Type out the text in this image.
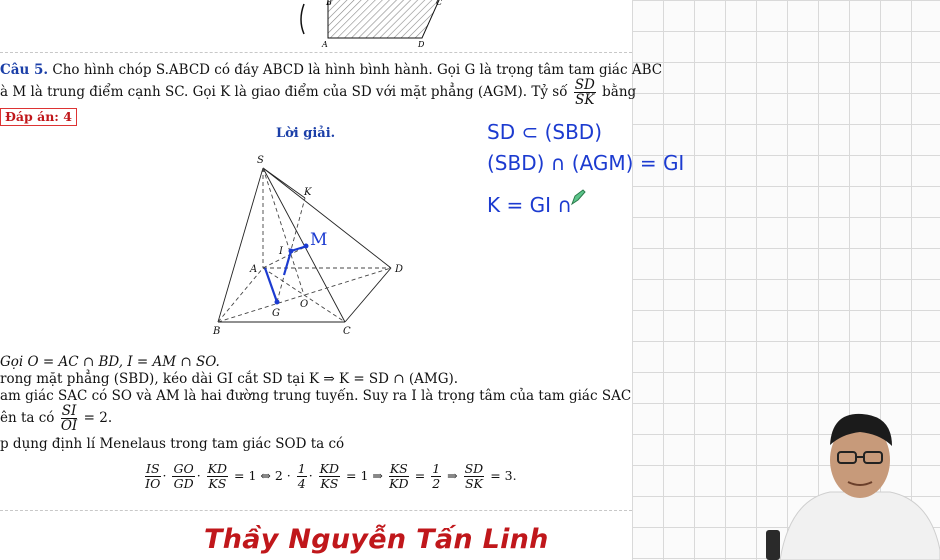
A	D
C
B
Câu 5. Cho hình chóp S.ABCD có đáy ABCD là hình bình hành. Gọi G là trọng tâm tam giác ABC
à M là trung điểm cạnh SC. Gọi K là giao điểm của SD với mặt phẳng (AGM). Tỷ số $\frac{SD}{SK}$ bằng
Đáp án: 4
Lời giải.
S
K
I
A	D
O
G
B	C
M
Gọi O = AC ∩ BD, I = AM ∩ SO.
rong mặt phẳng (SBD), kéo dài GI cắt SD tại K ⇒ K = SD ∩ (AMG).
am giác SAC có SO và AM là hai đường trung tuyến. Suy ra I là trọng tâm của tam giác SAC
ên ta có $\frac{SI}{OI} = 2$.
p dụng định lí Menelaus trong tam giác SOD ta có
$\frac{IS}{IO} \cdot \frac{GO}{GD} \cdot \frac{KD}{KS} = 1$ ⇔ $2 \cdot \frac{1}{4} \cdot \frac{KD}{KS} = 1$ ⇒ $\frac{KS}{KD} = \frac{1}{2}$ ⇒ $\frac{SD}{SK} = 3$.
SD ⊂ (SBD)
(SBD) ∩ (AGM) = GI
K = GI ∩
Thầy Nguyễn Tấn Linh
